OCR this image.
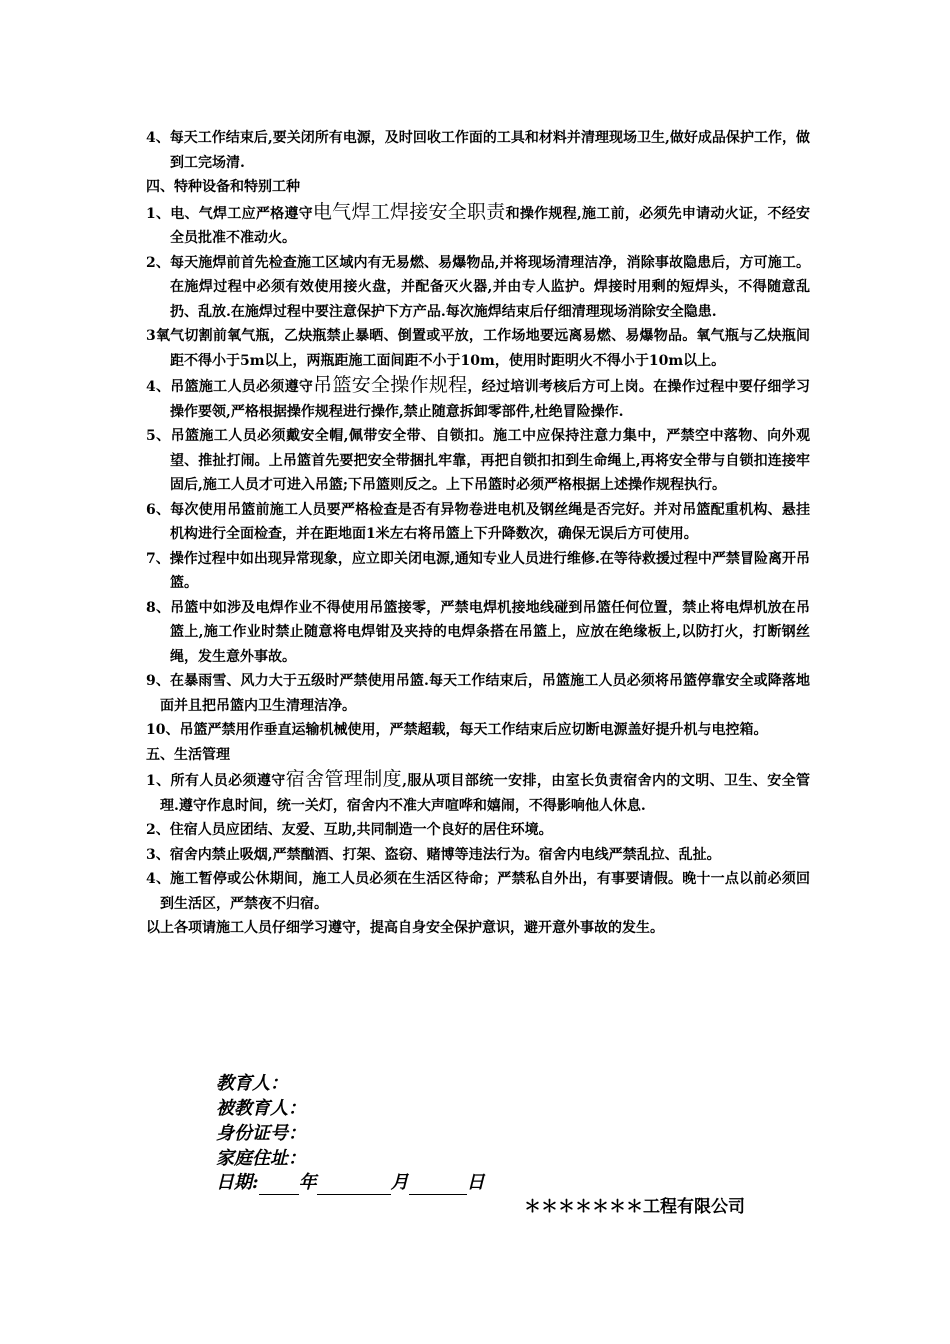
4、每天工作结束后,要关闭所有电源，及时回收工作面的工具和材料并清理现场卫生,做好成品保护工作，做到工完场清.

四、特种设备和特别工种

1、电、气焊工应严格遵守电气焊工焊接安全职责和操作规程,施工前，必须先申请动火证，不经安全员批准不准动火。

2、每天施焊前首先检查施工区域内有无易燃、易爆物品,并将现场清理洁净，消除事故隐患后，方可施工。在施焊过程中必须有效使用接火盘，并配备灭火器,并由专人监护。焊接时用剩的短焊头，不得随意乱扔、乱放.在施焊过程中要注意保护下方产品.每次施焊结束后仔细清理现场消除安全隐患.

3氧气切割前氧气瓶，乙炔瓶禁止暴晒、倒置或平放，工作场地要远离易燃、易爆物品。氧气瓶与乙炔瓶间距不得小于5m以上，两瓶距施工面间距不小于10m，使用时距明火不得小于10m以上。

4、吊篮施工人员必须遵守吊篮安全操作规程，经过培训考核后方可上岗。在操作过程中要仔细学习操作要领,严格根据操作规程进行操作,禁止随意拆卸零部件,杜绝冒险操作.

5、吊篮施工人员必须戴安全帽,佩带安全带、自锁扣。施工中应保持注意力集中，严禁空中落物、向外观望、推扯打闹。上吊篮首先要把安全带捆扎牢靠，再把自锁扣扣到生命绳上,再将安全带与自锁扣连接牢固后,施工人员才可进入吊篮;下吊篮则反之。上下吊篮时必须严格根据上述操作规程执行。

6、每次使用吊篮前施工人员要严格检查是否有异物卷进电机及钢丝绳是否完好。并对吊篮配重机构、悬挂机构进行全面检查，并在距地面1米左右将吊篮上下升降数次，确保无误后方可使用。

7、操作过程中如出现异常现象，应立即关闭电源,通知专业人员进行维修.在等待救援过程中严禁冒险离开吊篮。

8、吊篮中如涉及电焊作业不得使用吊篮接零，严禁电焊机接地线碰到吊篮任何位置，禁止将电焊机放在吊篮上,施工作业时禁止随意将电焊钳及夹持的电焊条搭在吊篮上，应放在绝缘板上,以防打火，打断钢丝绳，发生意外事故。

9、在暴雨雪、风力大于五级时严禁使用吊篮.每天工作结束后，吊篮施工人员必须将吊篮停靠安全或降落地面并且把吊篮内卫生清理洁净。

10、吊篮严禁用作垂直运输机械使用，严禁超载，每天工作结束后应切断电源盖好提升机与电控箱。

五、生活管理

1、所有人员必须遵守宿舍管理制度,服从项目部统一安排，由室长负责宿舍内的文明、卫生、安全管理.遵守作息时间，统一关灯，宿舍内不准大声喧哗和嬉闹，不得影响他人休息.

2、住宿人员应团结、友爱、互助,共同制造一个良好的居住环境。

3、宿舍内禁止吸烟,严禁酗酒、打架、盗窃、赌博等违法行为。宿舍内电线严禁乱拉、乱扯。

4、施工暂停或公休期间，施工人员必须在生活区待命；严禁私自外出，有事要请假。晚十一点以前必须回到生活区，严禁夜不归宿。

以上各项请施工人员仔细学习遵守，提高自身安全保护意识，避开意外事故的发生。

教育人：
被教育人：
身份证号：
家庭住址：
日期: 年	月	日
＊＊＊＊＊＊＊工程有限公司
